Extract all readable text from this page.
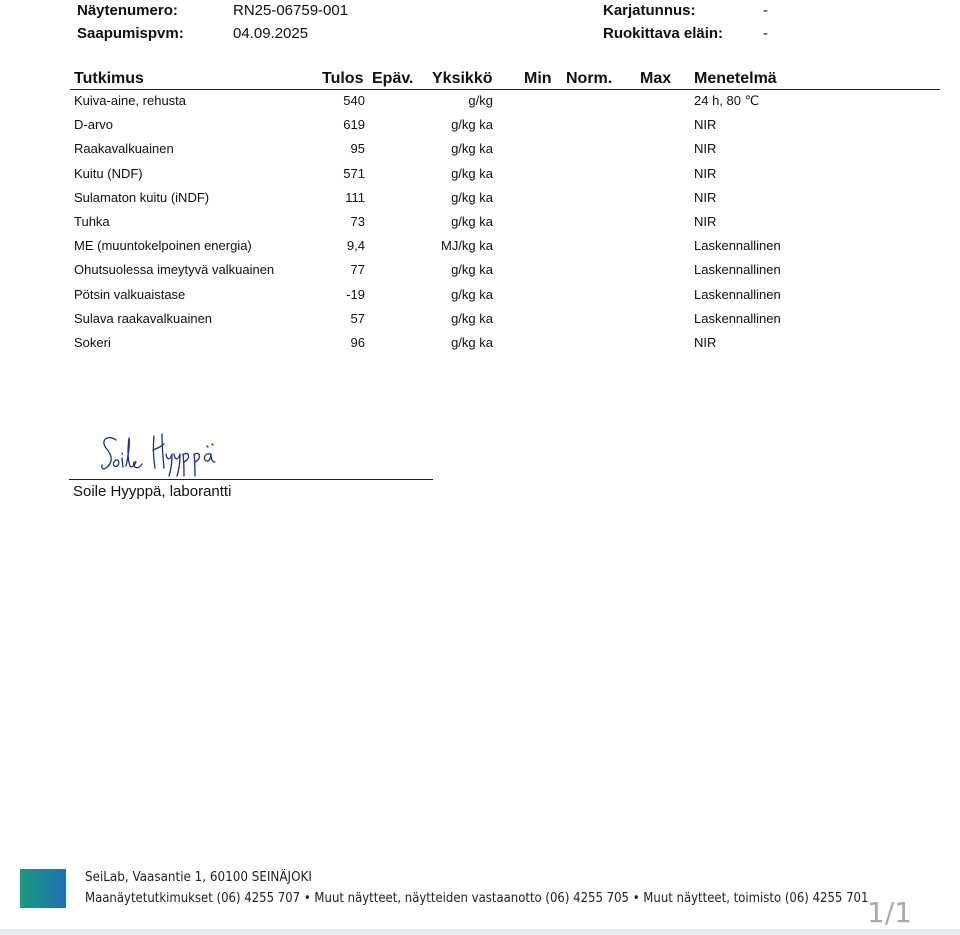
Näytenumero:	RN25-06759-001
Saapumispvm:	04.09.2025
Karjatunnus:	-
Ruokittava eläin:	-
Tutkimus	Tulos Epäv. Yksikkö Min Norm. Max Menetelmä
Kuiva-aine, rehusta	540	g/kg	24 h, 80 ℃
D-arvo	619	g/kg ka	NIR
Raakavalkuainen	95	g/kg ka	NIR
Kuitu (NDF)	571	g/kg ka	NIR
Sulamaton kuitu (iNDF)	111	g/kg ka	NIR
Tuhka	73	g/kg ka	NIR
ME (muuntokelpoinen energia)	9,4	MJ/kg ka	Laskennallinen
Ohutsuolessa imeytyvä valkuainen	77	g/kg ka	Laskennallinen
Pötsin valkuaistase	-19	g/kg ka	Laskennallinen
Sulava raakavalkuainen	57	g/kg ka	Laskennallinen
Sokeri	96	g/kg ka	NIR
Soile Hyyppä, laborantti
SeiLab, Vaasantie 1, 60100 SEINÄJOKI
Maanäytetutkimukset (06) 4255 707 • Muut näytteet, näytteiden vastaanotto (06) 4255 705 • Muut näytteet, toimisto (06) 4255 701
1/1
